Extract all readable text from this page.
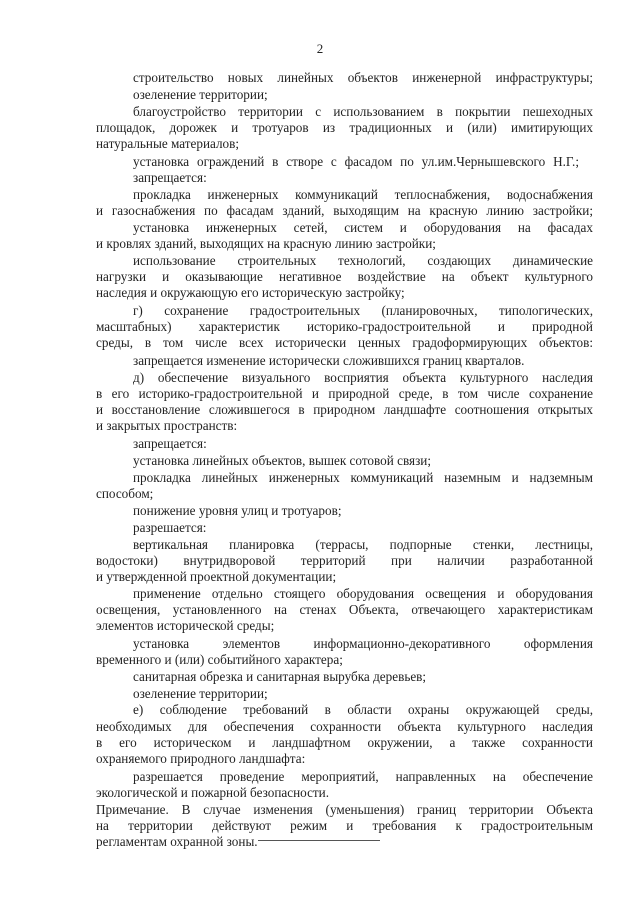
2
строительство новых линейных объектов инженерной инфраструктуры;
озеленение территории;
благоустройство территории с использованием в покрытии пешеходных
площадок, дорожек и тротуаров из традиционных и (или) имитирующих
натуральные материалов;
установка ограждений в створе с фасадом по ул.им.Чернышевского Н.Г.;
запрещается:
прокладка инженерных коммуникаций теплоснабжения, водоснабжения
и газоснабжения по фасадам зданий, выходящим на красную линию застройки;
установка инженерных сетей, систем и оборудования на фасадах
и кровлях зданий, выходящих на красную линию застройки;
использование строительных технологий, создающих динамические
нагрузки и оказывающие негативное воздействие на объект культурного
наследия и окружающую его историческую застройку;
г) сохранение градостроительных (планировочных, типологических,
масштабных) характеристик историко-градостроительной и природной
среды, в том числе всех исторически ценных градоформирующих объектов:
запрещается изменение исторически сложившихся границ кварталов.
д) обеспечение визуального восприятия объекта культурного наследия
в его историко-градостроительной и природной среде, в том числе сохранение
и восстановление сложившегося в природном ландшафте соотношения открытых
и закрытых пространств:
запрещается:
установка линейных объектов, вышек сотовой связи;
прокладка линейных инженерных коммуникаций наземным и надземным
способом;
понижение уровня улиц и тротуаров;
разрешается:
вертикальная планировка (террасы, подпорные стенки, лестницы,
водостоки) внутридворовой территорий при наличии разработанной
и утвержденной проектной документации;
применение отдельно стоящего оборудования освещения и оборудования
освещения, установленного на стенах Объекта, отвечающего характеристикам
элементов исторической среды;
установка элементов информационно-декоративного оформления
временного и (или) событийного характера;
санитарная обрезка и санитарная вырубка деревьев;
озеленение территории;
е) соблюдение требований в области охраны окружающей среды,
необходимых для обеспечения сохранности объекта культурного наследия
в его историческом и ландшафтном окружении, а также сохранности
охраняемого природного ландшафта:
разрешается проведение мероприятий, направленных на обеспечение
экологической и пожарной безопасности.
Примечание. В случае изменения (уменьшения) границ территории Объекта
на территории действуют режим и требования к градостроительным
регламентам охранной зоны.
